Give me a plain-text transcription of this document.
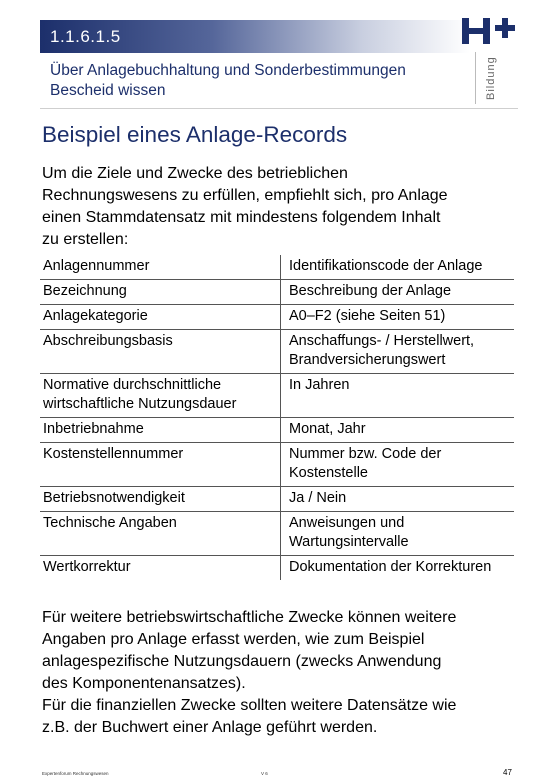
1.1.6.1.5
Über Anlagebuchhaltung und Sonderbestimmungen
Bescheid wissen	Bildung
Beispiel eines Anlage-Records
Um die Ziele und Zwecke des betrieblichen
Rechnungswesens zu erfüllen, empfiehlt sich, pro Anlage
einen Stammdatensatz mit mindestens folgendem Inhalt
zu erstellen:
Anlagennummer	Identifikationscode der Anlage
Bezeichnung	Beschreibung der Anlage
Anlagekategorie	A0–F2 (siehe Seiten 51)
Abschreibungsbasis	Anschaffungs- / Herstellwert,
Brandversicherungswert

Normative durchschnittliche
wirtschaftliche Nutzungsdauer	In Jahren
Inbetriebnahme	Monat, Jahr
Kostenstellennummer	Nummer bzw. Code der
Kostenstelle

Betriebsnotwendigkeit	Ja / Nein
Technische Angaben	Anweisungen und
Wartungsintervalle

Wertkorrektur	Dokumentation der Korrekturen
Für weitere betriebswirtschaftliche Zwecke können weitere
Angaben pro Anlage erfasst werden, wie zum Beispiel
anlagespezifische Nutzungsdauern (zwecks Anwendung
des Komponentenansatzes).
Für die finanziellen Zwecke sollten weitere Datensätze wie
z.B. der Buchwert einer Anlage geführt werden.
Expertenforum Rechnungswesen	V 6	47
